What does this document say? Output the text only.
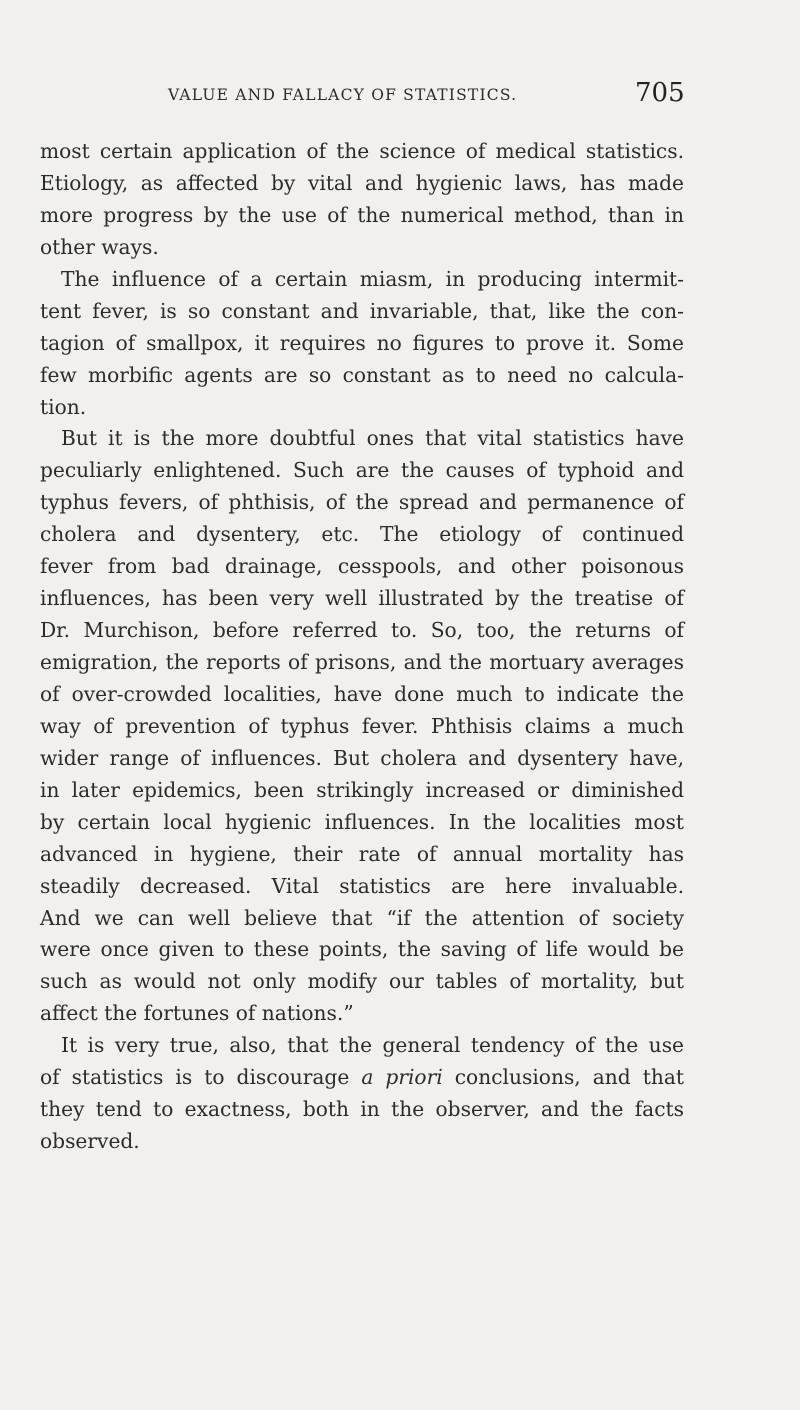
VALUE AND FALLACY OF STATISTICS.	705
most certain application of the science of medical statistics.
Etiology, as affected by vital and hygienic laws, has made
more progress by the use of the numerical method, than in
other ways.
The influence of a certain miasm, in producing intermit-
tent fever, is so constant and invariable, that, like the con-
tagion of smallpox, it requires no figures to prove it. Some
few morbific agents are so constant as to need no calcula-
tion.
But it is the more doubtful ones that vital statistics have
peculiarly enlightened. Such are the causes of typhoid and
typhus fevers, of phthisis, of the spread and permanence of
cholera and dysentery, etc. The etiology of continued
fever from bad drainage, cesspools, and other poisonous
influences, has been very well illustrated by the treatise of
Dr. Murchison, before referred to. So, too, the returns of
emigration, the reports of prisons, and the mortuary averages
of over-crowded localities, have done much to indicate the
way of prevention of typhus fever. Phthisis claims a much
wider range of influences. But cholera and dysentery have,
in later epidemics, been strikingly increased or diminished
by certain local hygienic influences. In the localities most
advanced in hygiene, their rate of annual mortality has
steadily decreased. Vital statistics are here invaluable.
And we can well believe that “if the attention of society
were once given to these points, the saving of life would be
such as would not only modify our tables of mortality, but
affect the fortunes of nations.”
It is very true, also, that the general tendency of the use
of statistics is to discourage a priori conclusions, and that
they tend to exactness, both in the observer, and the facts
observed.
